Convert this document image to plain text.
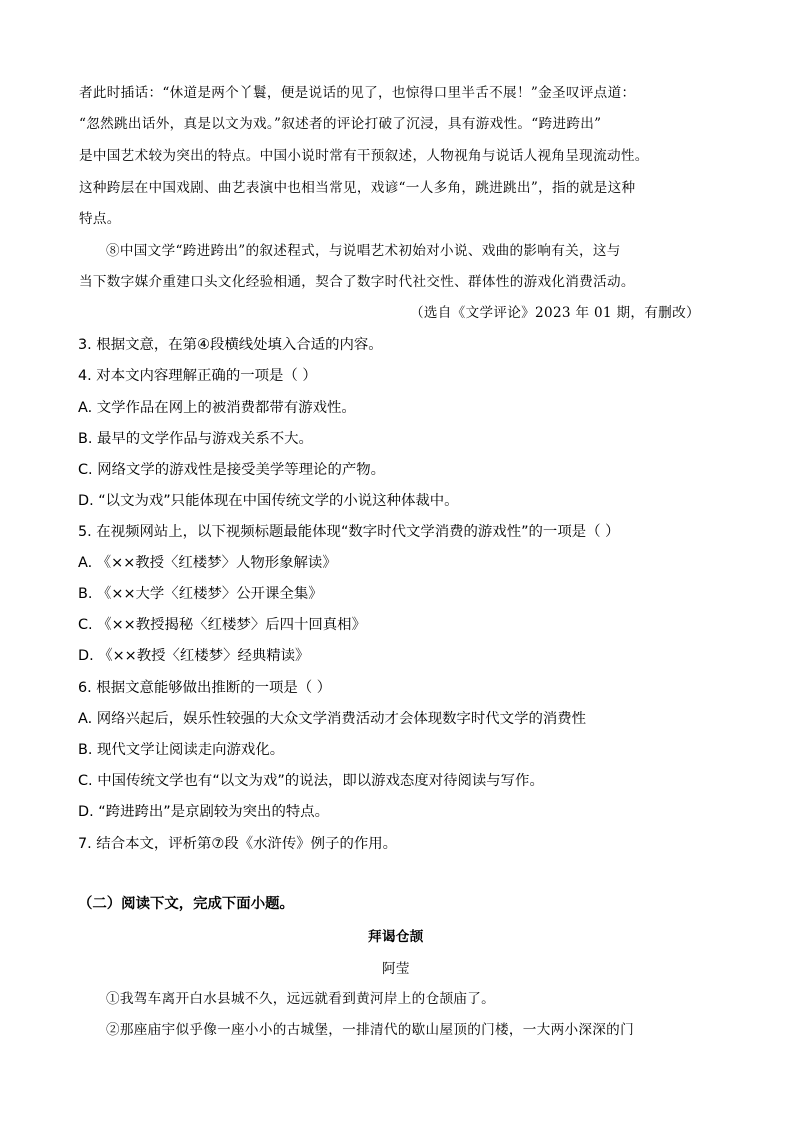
者此时插话：“休道是两个丫鬟，便是说话的见了，也惊得口里半舌不展！”金圣叹评点道：
“忽然跳出话外，真是以文为戏。”叙述者的评论打破了沉浸，具有游戏性。“跨进跨出”
是中国艺术较为突出的特点。中国小说时常有干预叙述，人物视角与说话人视角呈现流动性。
这种跨层在中国戏剧、曲艺表演中也相当常见，戏谚“一人多角，跳进跳出”，指的就是这种
特点。
⑧中国文学“跨进跨出”的叙述程式，与说唱艺术初始对小说、戏曲的影响有关，这与
当下数字媒介重建口头文化经验相通，契合了数字时代社交性、群体性的游戏化消费活动。
（选自《文学评论》2023 年 01 期，有删改）
3. 根据文意，在第④段横线处填入合适的内容。
4. 对本文内容理解正确的一项是（ ）
A. 文学作品在网上的被消费都带有游戏性。
B. 最早的文学作品与游戏关系不大。
C. 网络文学的游戏性是接受美学等理论的产物。
D. “以文为戏”只能体现在中国传统文学的小说这种体裁中。
5. 在视频网站上，以下视频标题最能体现“数字时代文学消费的游戏性”的一项是（ ）
A. 《××教授〈红楼梦〉人物形象解读》
B. 《××大学〈红楼梦〉公开课全集》
C. 《××教授揭秘〈红楼梦〉后四十回真相》
D. 《××教授〈红楼梦〉经典精读》
6. 根据文意能够做出推断的一项是（ ）
A. 网络兴起后，娱乐性较强的大众文学消费活动才会体现数字时代文学的消费性
B. 现代文学让阅读走向游戏化。
C. 中国传统文学也有“以文为戏”的说法，即以游戏态度对待阅读与写作。
D. “跨进跨出”是京剧较为突出的特点。
7. 结合本文，评析第⑦段《水浒传》例子的作用。
（二）阅读下文，完成下面小题。
拜谒仓颉
阿莹
①我驾车离开白水县城不久，远远就看到黄河岸上的仓颉庙了。
②那座庙宇似乎像一座小小的古城堡，一排清代的歇山屋顶的门楼，一大两小深深的门
